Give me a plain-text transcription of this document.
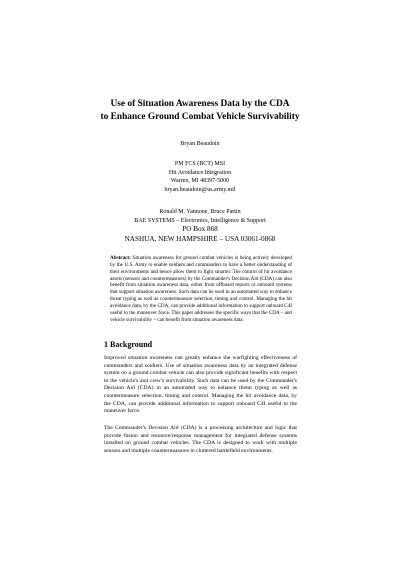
Use of Situation Awareness Data by the CDA
to Enhance Ground Combat Vehicle Survivability
Bryan Beaudoin
PM FCS (BCT) MSI
Hit Avoidance Integration
Warren, MI 48397-5000
bryan.beaudoin@us.army.mil
Ronald M. Yannone, Bruce Partin
BAE SYSTEMS – Electronics, Intelligence & Support
PO Box 868
NASHUA, NEW HAMPSHIRE – USA 03061-0868
Abstract: Situation awareness for ground combat vehicles is being actively developed by the U.S. Army to enable soldiers and commanders to have a better understanding of their environments and hence allow them to fight smarter. The control of hit avoidance assets (sensors and countermeasures) by the Commander's Decision Aid (CDA) can also benefit from situation awareness data, either from offboard reports or onboard systems that support situation awareness. Such data can be used in an automated way to enhance threat typing as well as countermeasure selection, timing and control. Managing the hit avoidance data, by the CDA, can provide additional information to support onboard C4I useful to the maneuver force. This paper addresses the specific ways that the CDA – and vehicle survivability – can benefit from situation awareness data.
1 Background
Improved situation awareness can greatly enhance the warfighting effectiveness of commanders and soldiers. Use of situation awareness data by an integrated defense system on a ground combat vehicle can also provide significant benefits with respect to the vehicle's and crew's survivability. Such data can be used by the Commander's Decision Aid (CDA) in an automated way to enhance threat typing as well as countermeasure selection, timing and control. Managing the hit avoidance data, by the CDA, can provide additional information to support onboard C4I useful to the maneuver force.
The Commander's Decision Aid (CDA) is a processing architecture and logic that provide fusion and resource/response management for integrated defense systems installed on ground combat vehicles. The CDA is designed to work with multiple sensors and multiple countermeasures in cluttered battlefield environments.
